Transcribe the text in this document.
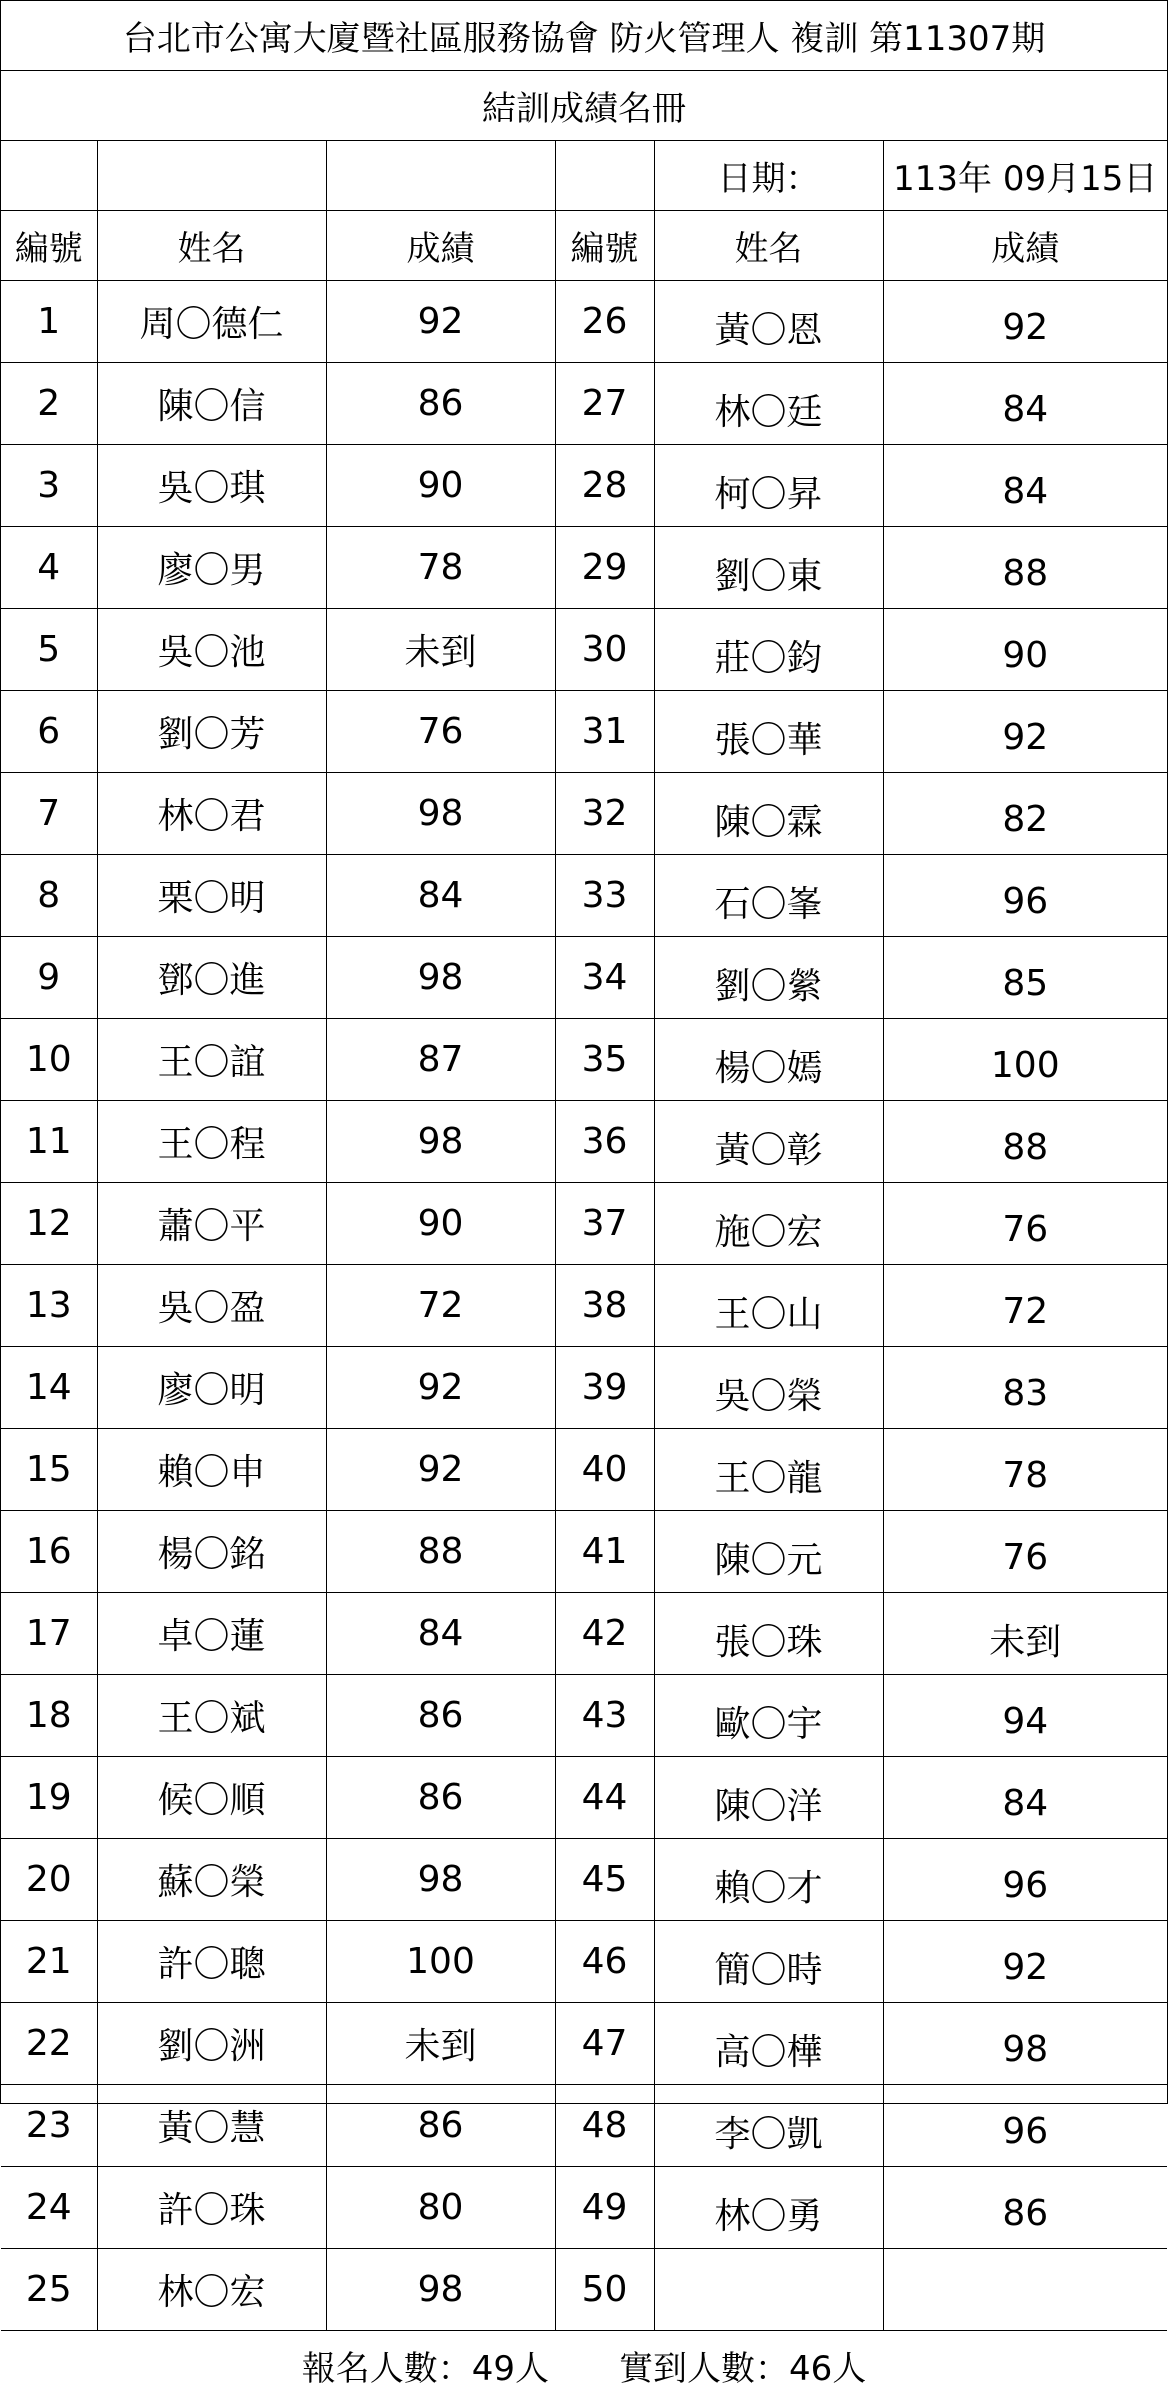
台北市公寓大廈暨社區服務協會 防火管理人 複訓 第11307期					
結訓成績名冊					
				日期：	113年 09月15日
編號	姓名	成績	編號	姓名	成績
1	周〇德仁	92	26	黃〇恩	92
2	陳〇信	86	27	林〇廷	84
3	吳〇琪	90	28	柯〇昇	84
4	廖〇男	78	29	劉〇東	88
5	吳〇池	未到	30	莊〇鈞	90
6	劉〇芳	76	31	張〇華	92
7	林〇君	98	32	陳〇霖	82
8	栗〇明	84	33	石〇峯	96
9	鄧〇進	98	34	劉〇縈	85
10	王〇誼	87	35	楊〇嫣	100
11	王〇程	98	36	黃〇彰	88
12	蕭〇平	90	37	施〇宏	76
13	吳〇盈	72	38	王〇山	72
14	廖〇明	92	39	吳〇榮	83
15	賴〇申	92	40	王〇龍	78
16	楊〇銘	88	41	陳〇元	76
17	卓〇蓮	84	42	張〇珠	未到
18	王〇斌	86	43	歐〇宇	94
19	候〇順	86	44	陳〇洋	84
20	蘇〇榮	98	45	賴〇才	96
21	許〇聰	100	46	簡〇時	92
22	劉〇洲	未到	47	高〇樺	98
23	黃〇慧	86	48	李〇凱	96
24	許〇珠	80	49	林〇勇	86
25	林〇宏	98	50		
報名人數：49人 實到人數：46人					
